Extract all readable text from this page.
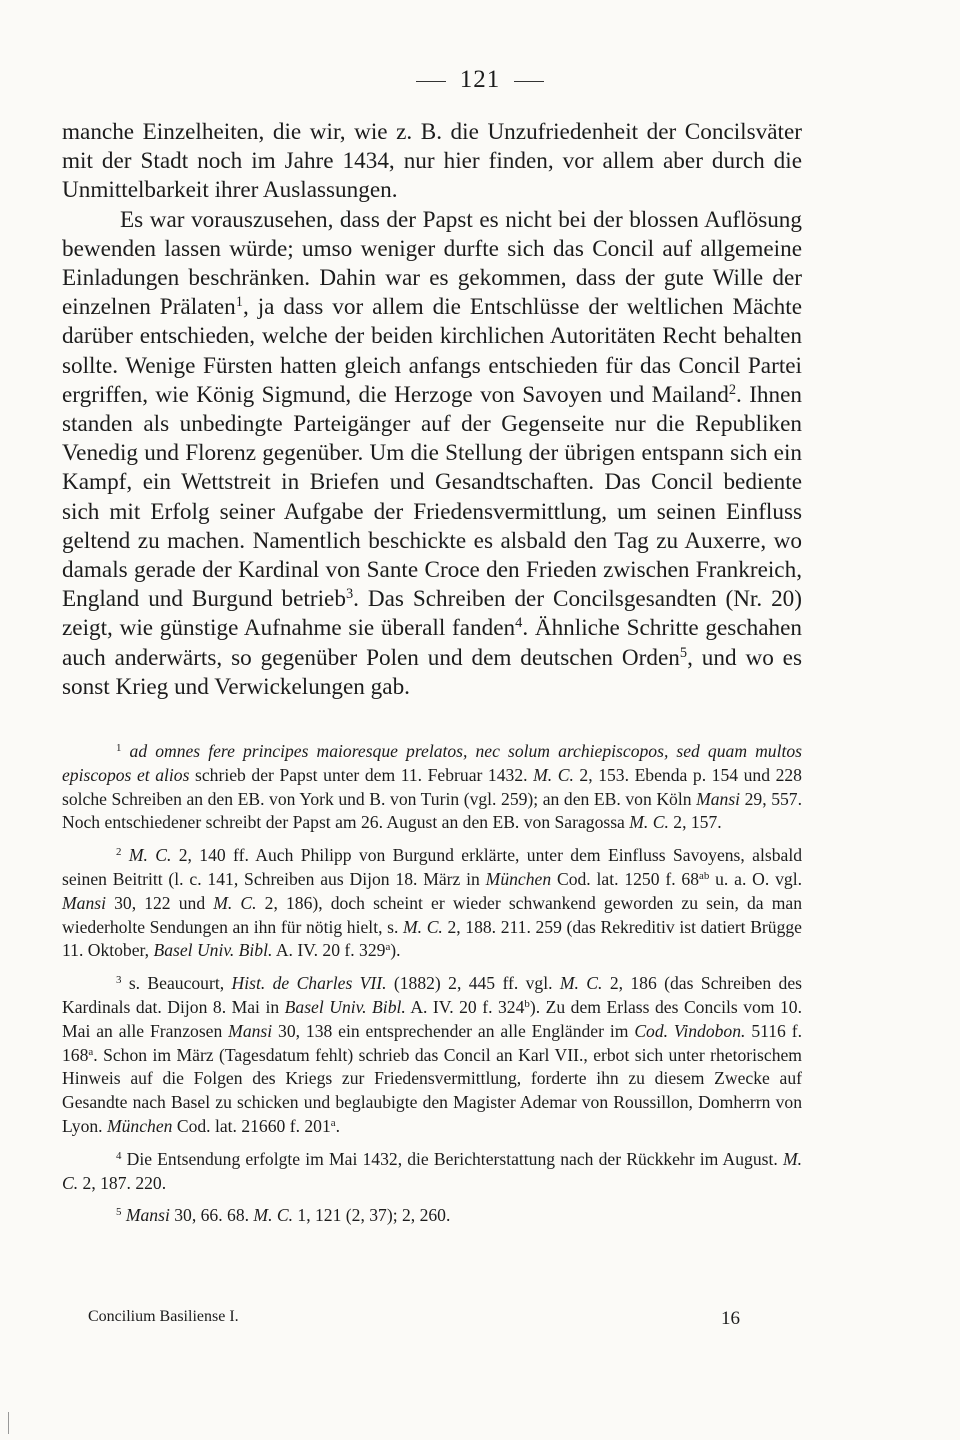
121

manche Einzelheiten, die wir, wie z. B. die Unzufriedenheit der Concilsväter mit der Stadt noch im Jahre 1434, nur hier finden, vor allem aber durch die Unmittelbarkeit ihrer Auslassungen.

Es war vorauszusehen, dass der Papst es nicht bei der blossen Auflösung bewenden lassen würde; umso weniger durfte sich das Concil auf allgemeine Einladungen beschränken. Dahin war es gekommen, dass der gute Wille der einzelnen Prälaten$^1$, ja dass vor allem die Entschlüsse der weltlichen Mächte darüber entschieden, welche der beiden kirchlichen Autoritäten Recht behalten sollte. Wenige Fürsten hatten gleich anfangs entschieden für das Concil Partei ergriffen, wie König Sigmund, die Herzoge von Savoyen und Mailand$^2$. Ihnen standen als unbedingte Parteigänger auf der Gegenseite nur die Republiken Venedig und Florenz gegenüber. Um die Stellung der übrigen entspann sich ein Kampf, ein Wettstreit in Briefen und Gesandtschaften. Das Concil bediente sich mit Erfolg seiner Aufgabe der Friedensvermittlung, um seinen Einfluss geltend zu machen. Namentlich beschickte es alsbald den Tag zu Auxerre, wo damals gerade der Kardinal von Sante Croce den Frieden zwischen Frankreich, England und Burgund betrieb$^3$. Das Schreiben der Concilsgesandten (Nr. 20) zeigt, wie günstige Aufnahme sie überall fanden$^4$. Ähnliche Schritte geschahen auch anderwärts, so gegenüber Polen und dem deutschen Orden$^5$, und wo es sonst Krieg und Verwickelungen gab.

$^1$ ad omnes fere principes maioresque prelatos, nec solum archiepiscopos, sed quam multos episcopos et alios schrieb der Papst unter dem 11. Februar 1432. M. C. 2, 153. Ebenda p. 154 und 228 solche Schreiben an den EB. von York und B. von Turin (vgl. 259); an den EB. von Köln Mansi 29, 557. Noch entschiedener schreibt der Papst am 26. August an den EB. von Saragossa M. C. 2, 157.

$^2$ M. C. 2, 140 ff. Auch Philipp von Burgund erklärte, unter dem Einfluss Savoyens, alsbald seinen Beitritt (l. c. 141, Schreiben aus Dijon 18. März in München Cod. lat. 1250 f. $68^{ab}$ u. a. O. vgl. Mansi 30, 122 und M. C. 2, 186), doch scheint er wieder schwankend geworden zu sein, da man wiederholte Sendungen an ihn für nötig hielt, s. M. C. 2, 188. 211. 259 (das Rekreditiv ist datiert Brügge 11. Oktober, Basel Univ. Bibl. A. IV. 20 f. 329$^a$).

$^3$ s. Beaucourt, Hist. de Charles VII. (1882) 2, 445 ff. vgl. M. C. 2, 186 (das Schreiben des Kardinals dat. Dijon 8. Mai in Basel Univ. Bibl. A. IV. 20 f. 324$^b$). Zu dem Erlass des Concils vom 10. Mai an alle Franzosen Mansi 30, 138 ein entsprechender an alle Engländer im Cod. Vindobon. 5116 f. 168$^a$. Schon im März (Tagesdatum fehlt) schrieb das Concil an Karl VII., erbot sich unter rhetorischem Hinweis auf die Folgen des Kriegs zur Friedensvermittlung, forderte ihn zu diesem Zwecke auf Gesandte nach Basel zu schicken und beglaubigte den Magister Ademar von Roussillon, Domherrn von Lyon. München Cod. lat. 21660 f. 201$^a$.

$^4$ Die Entsendung erfolgte im Mai 1432, die Berichterstattung nach der Rückkehr im August. M. C. 2, 187. 220.

$^5$ Mansi 30, 66. 68. M. C. 1, 121 (2, 37); 2, 260.

Concilium Basiliense I.	16
